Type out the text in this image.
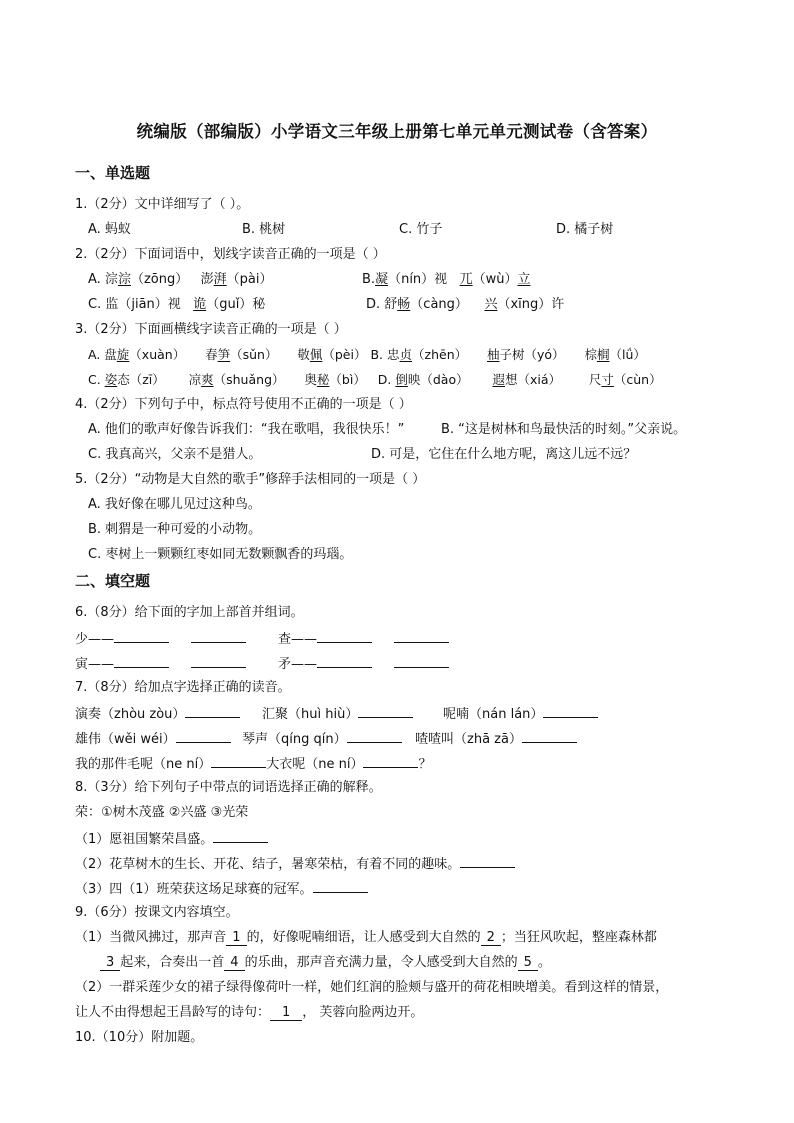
统编版（部编版）小学语文三年级上册第七单元单元测试卷（含答案）
一、单选题
1.（2分）文中详细写了（ ）。
A. 蚂蚁	B. 桃树	C. 竹子	D. 橘子树
2.（2分）下面词语中，划线字读音正确的一项是（ ）
A. 淙淙（zōng） 澎湃（pài）	B.凝（nín）视 兀（wù）立
C. 监（jiān）视 诡（guǐ）秘	D. 舒畅（càng） 兴（xīng）许
3.（2分）下面画横线字读音正确的一项是（ ）
A. 盘旋（xuàn） 春笋（sǔn） 敬佩（pèi） B. 忠贞（zhēn） 柚子树（yó） 棕榈（lǘ）
C. 姿态（zī） 凉爽（shuǎng） 奥秘（bì） D. 倒映（dào） 遐想（xiá） 尺寸（cùn）
4.（2分）下列句子中，标点符号使用不正确的一项是（ ）
A. 他们的歌声好像告诉我们：“我在歌唱，我很快乐！”	B. “这是树林和鸟最快活的时刻。”父亲说。
C. 我真高兴，父亲不是猎人。	D. 可是，它住在什么地方呢，离这儿远不远？
5.（2分）“动物是大自然的歌手”修辞手法相同的一项是（ ）
A. 我好像在哪儿见过这种鸟。
B. 刺猬是一种可爱的小动物。
C. 枣树上一颗颗红枣如同无数颗飘香的玛瑙。
二、填空题
6.（8分）给下面的字加上部首并组词。
少——	查——
寅——	矛——
7.（8分）给加点字选择正确的读音。
演奏（zhòu zòu）	汇聚（huì hiù）	呢喃（nán lán）
雄伟（wěi wéi）	琴声（qíng qín）	喳喳叫（zhā zā）
我的那件毛呢（ne ní）	大衣呢（ne ní）	？
8.（3分）给下列句子中带点的词语选择正确的解释。
荣：①树木茂盛 ②兴盛 ③光荣
（1）愿祖国繁荣昌盛。
（2）花草树木的生长、开花、结子，暑寒荣枯，有着不同的趣味。
（3）四（1）班荣获这场足球赛的冠军。
9.（6分）按课文内容填空。
（1）当微风拂过，那声音 1 的，好像呢喃细语，让人感受到大自然的 2 ；当狂风吹起，整座森林都
3 起来，合奏出一首 4 的乐曲，那声音充满力量，令人感受到大自然的 5 。
（2）一群采莲少女的裙子绿得像荷叶一样，她们红润的脸颊与盛开的荷花相映增美。看到这样的情景，
让人不由得想起王昌龄写的诗句： 1 ， 芙蓉向脸两边开。
10.（10分）附加题。
